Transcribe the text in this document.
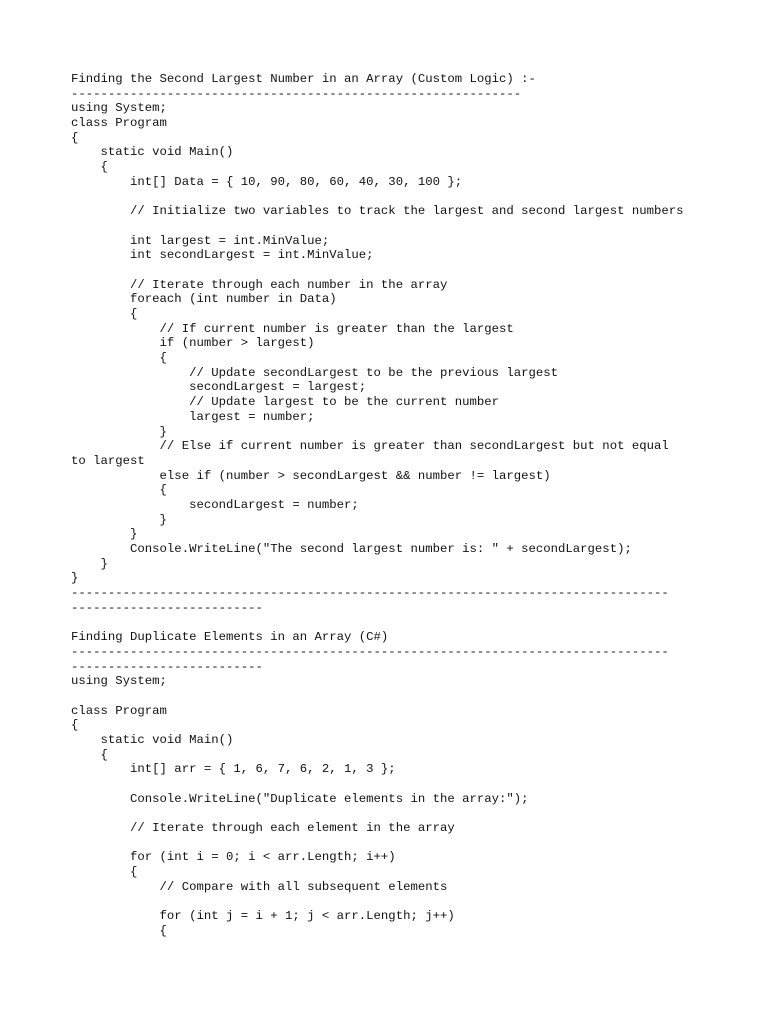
Finding the Second Largest Number in an Array (Custom Logic) :-
-------------------------------------------------------------
using System;
class Program
{
static void Main()
{
int[] Data = { 10, 90, 80, 60, 40, 30, 100 };
// Initialize two variables to track the largest and second largest numbers
int largest = int.MinValue;
int secondLargest = int.MinValue;
// Iterate through each number in the array
foreach (int number in Data)
{
// If current number is greater than the largest
if (number > largest)
{
// Update secondLargest to be the previous largest
secondLargest = largest;
// Update largest to be the current number
largest = number;
}
// Else if current number is greater than secondLargest but not equal
to largest
else if (number > secondLargest && number != largest)
{
secondLargest = number;
}
}
Console.WriteLine("The second largest number is: " + secondLargest);
}
}
---------------------------------------------------------------------------------
--------------------------
Finding Duplicate Elements in an Array (C#)
---------------------------------------------------------------------------------
--------------------------
using System;
class Program
{
static void Main()
{
int[] arr = { 1, 6, 7, 6, 2, 1, 3 };
Console.WriteLine("Duplicate elements in the array:");
// Iterate through each element in the array
for (int i = 0; i < arr.Length; i++)
{
// Compare with all subsequent elements
for (int j = i + 1; j < arr.Length; j++)
{
